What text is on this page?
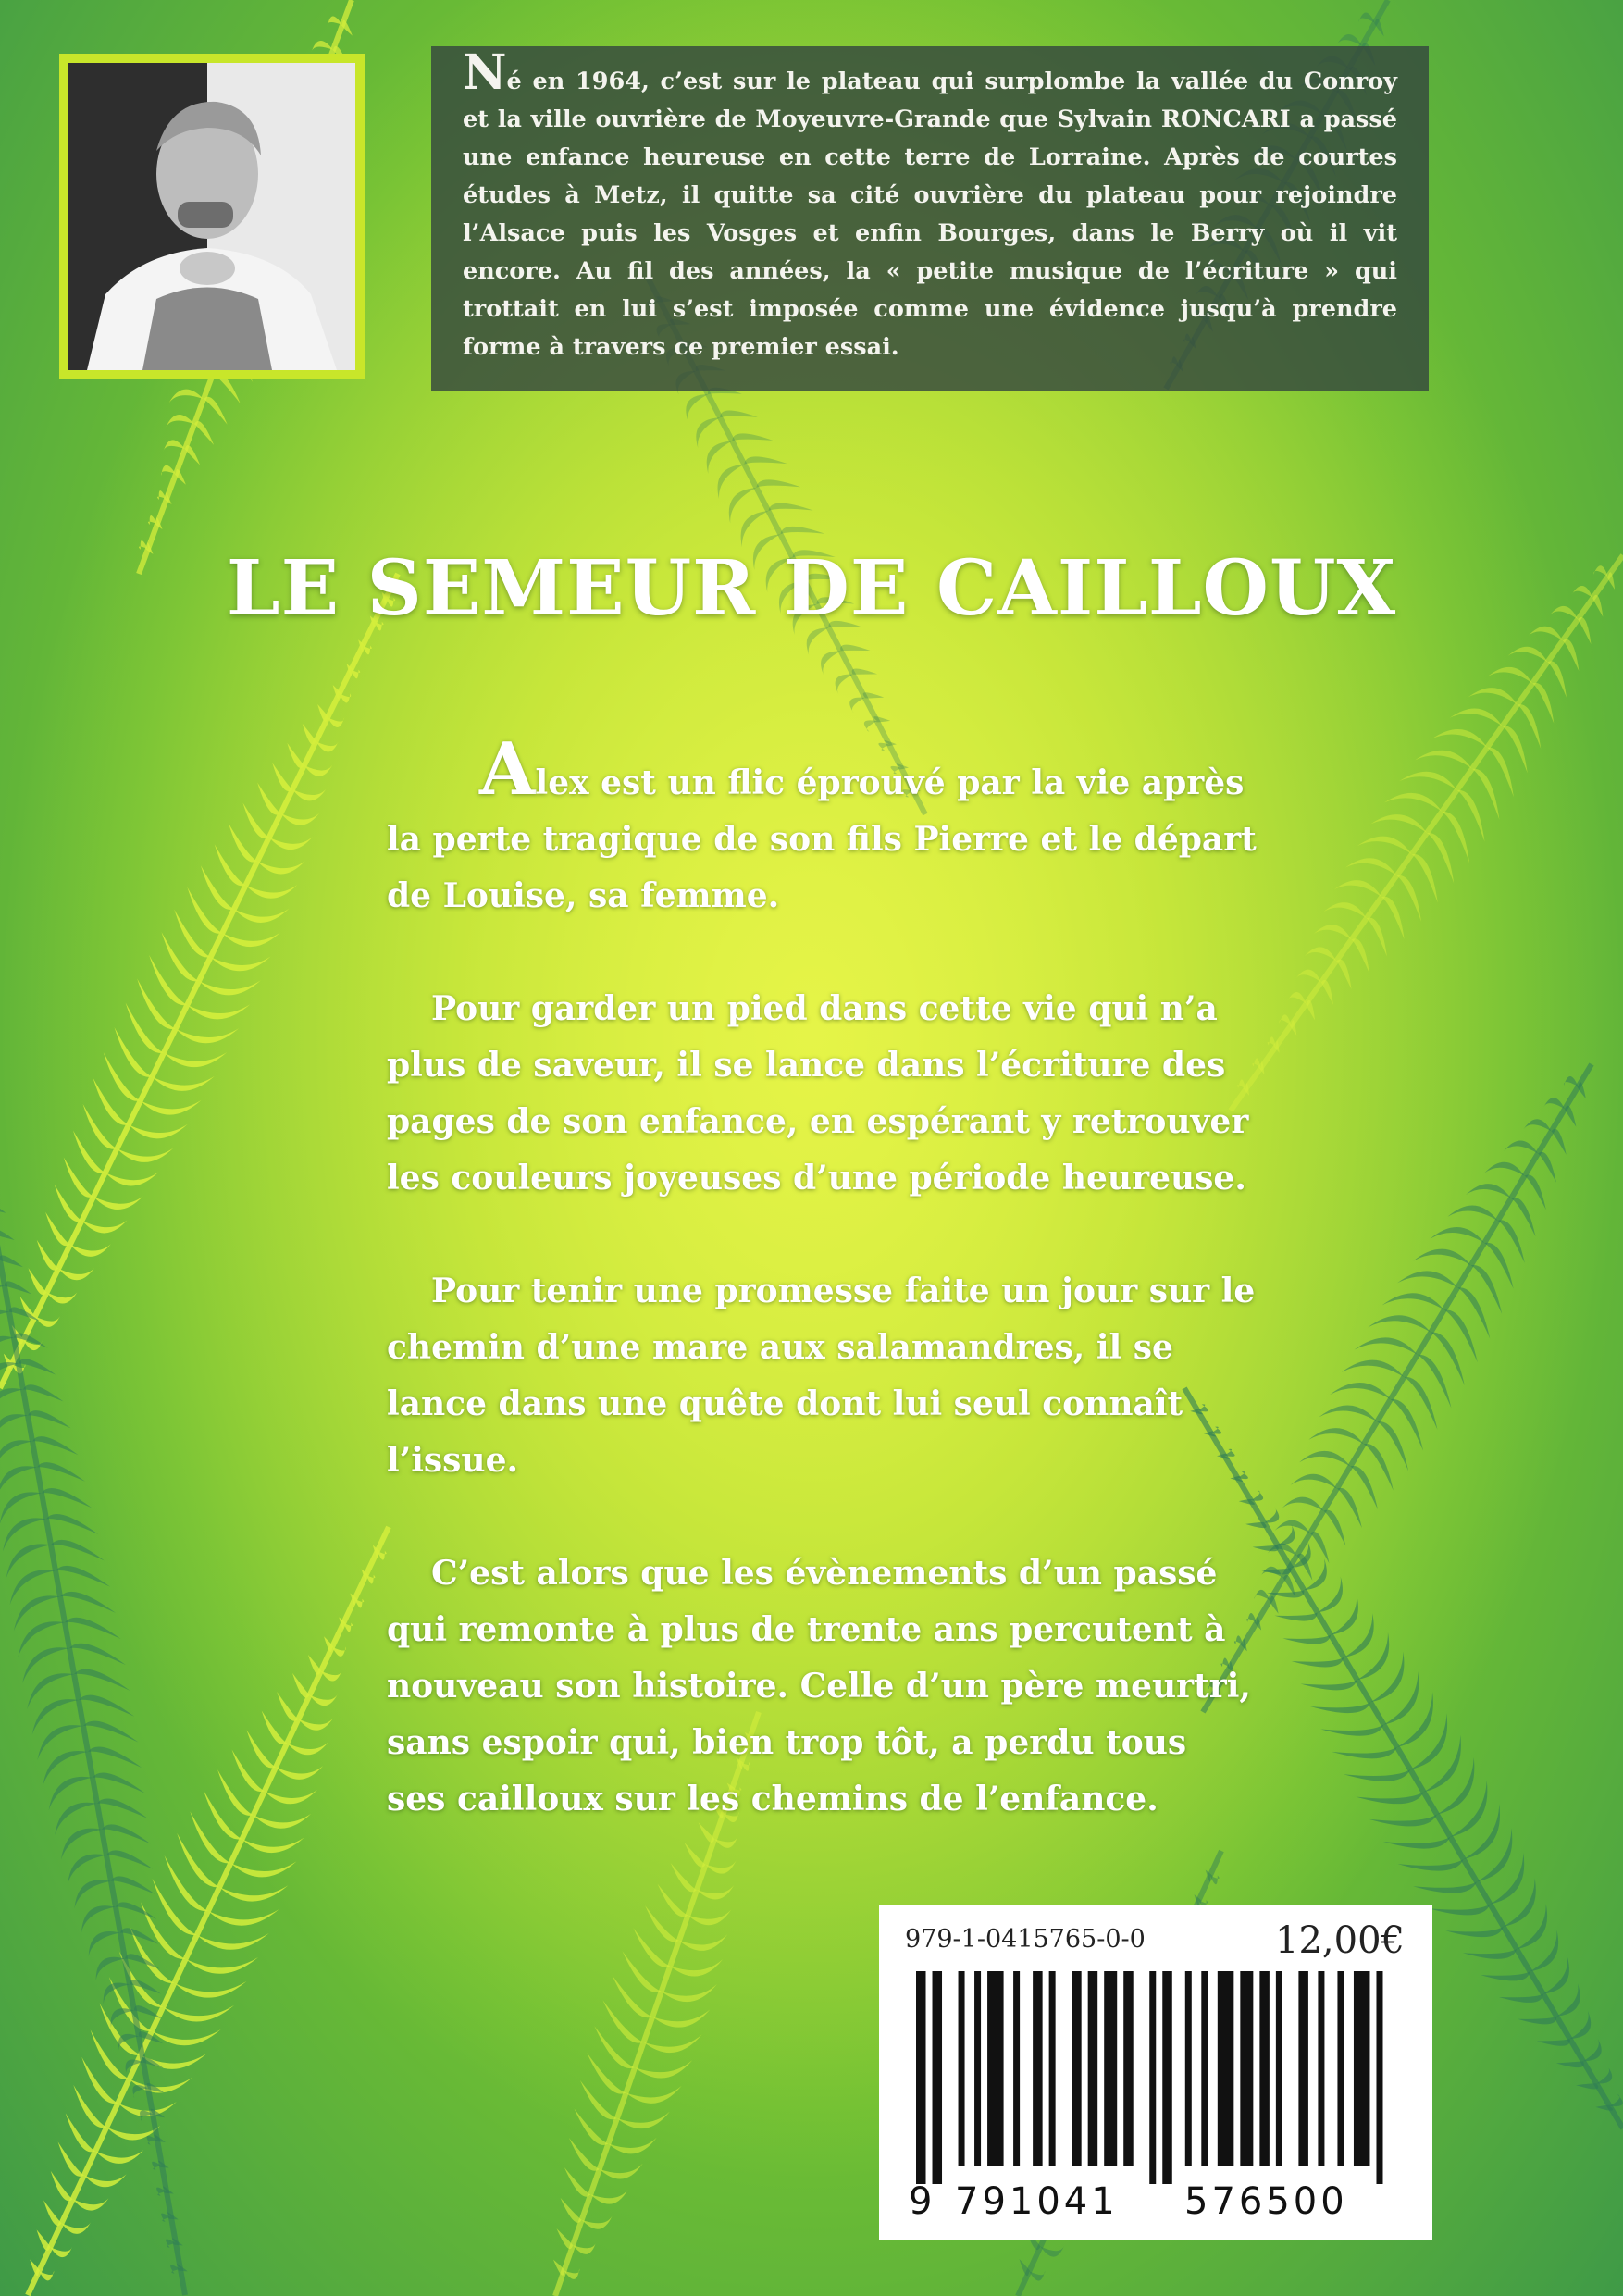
Né en 1964, c’est sur le plateau qui surplombe la vallée du Conroy et la ville ouvrière de Moyeuvre-Grande que Sylvain RONCARI a passé une enfance heureuse en cette terre de Lorraine. Après de courtes études à Metz, il quitte sa cité ouvrière du plateau pour rejoindre l’Alsace puis les Vosges et enfin Bourges, dans le Berry où il vit encore. Au fil des années, la « petite musique de l’écriture » qui trottait en lui s’est imposée comme une évidence jusqu’à prendre forme à travers ce premier essai.

LE SEMEUR DE CAILLOUX

Alex est un flic éprouvé par la vie après la perte tragique de son fils Pierre et le départ de Louise, sa femme.

Pour garder un pied dans cette vie qui n’a plus de saveur, il se lance dans l’écriture des pages de son enfance, en espérant y retrouver les couleurs joyeuses d’une période heureuse.

Pour tenir une promesse faite un jour sur le chemin d’une mare aux salamandres, il se lance dans une quête dont lui seul connaît l’issue.

C’est alors que les évènements d’un passé qui remonte à plus de trente ans percutent à nouveau son histoire. Celle d’un père meurtri, sans espoir qui, bien trop tôt, a perdu tous ses cailloux sur les chemins de l’enfance.

979-1-0415765-0-0	12,00€
9 791041 576500
